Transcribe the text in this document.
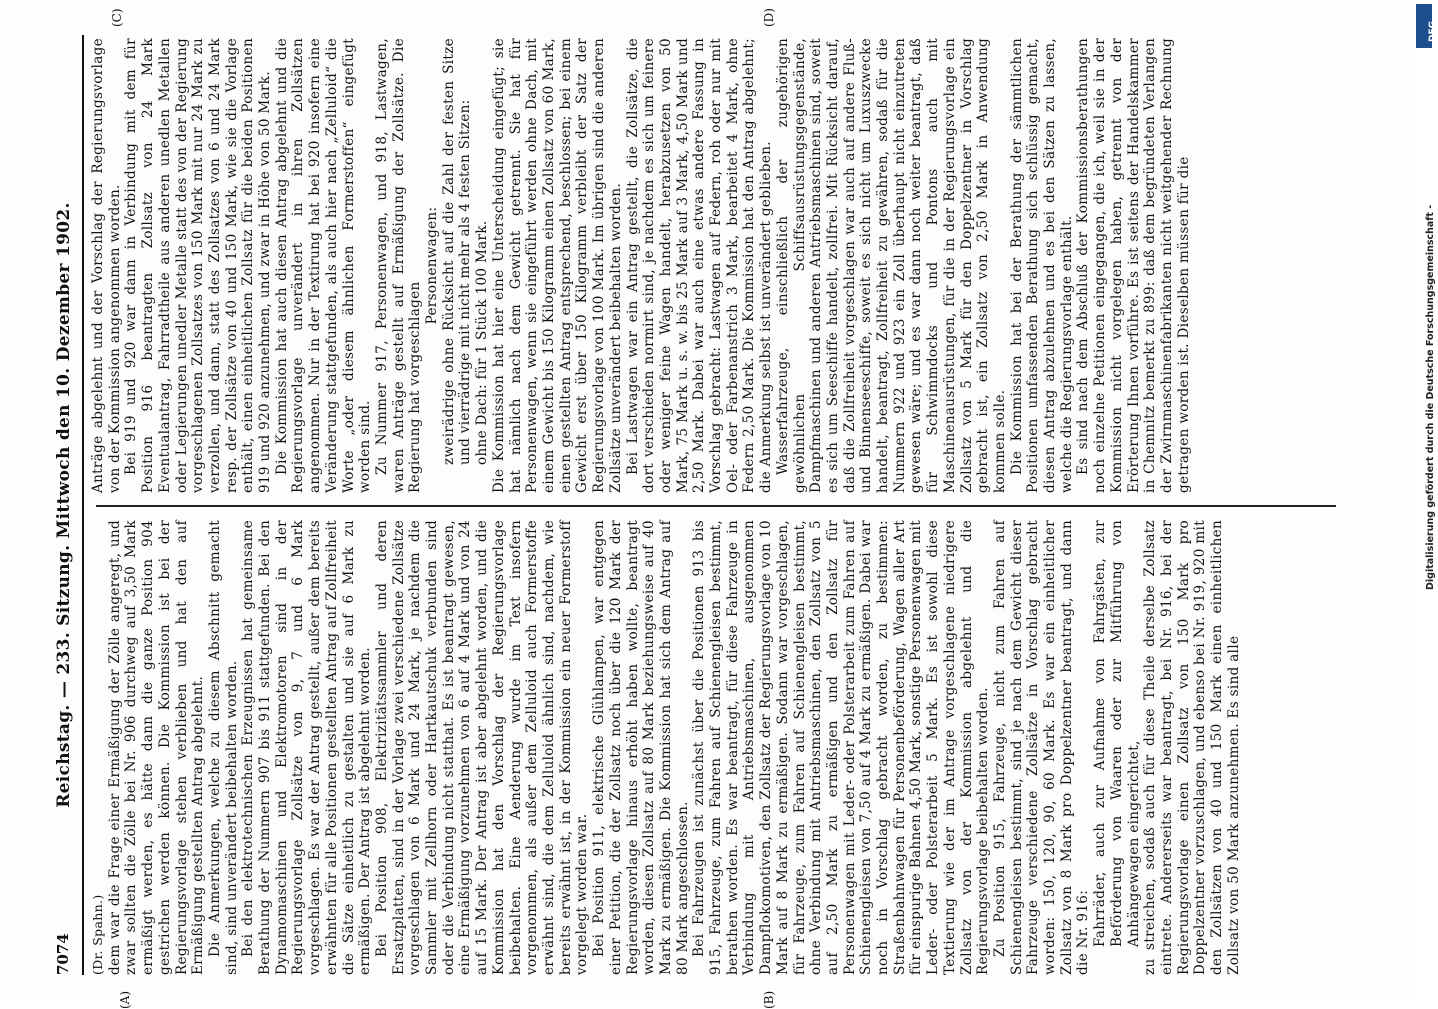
7074
Reichstag. — 233. Sitzung. Mittwoch den 10. Dezember 1902.
(A)	(B)
(C)	(D)

(Dr. Spahn.) dem war die Frage einer Ermäßigung der Zölle angeregt, und zwar sollten die Zölle bei Nr. 906 durchweg auf 3,50 Mark ermäßigt werden, es hätte dann die ganze Position 904 gestrichen werden können. Die Kommission ist bei der Regierungsvorlage stehen verblieben und hat den auf Ermäßigung gestellten Antrag abgelehnt. Die Anmerkungen, welche zu diesem Abschnitt gemacht sind, sind unverändert beibehalten worden. Bei den elektrotechnischen Erzeugnissen hat gemeinsame Berathung der Nummern 907 bis 911 stattgefunden. Bei den Dynamomaschinen und Elektromotoren sind in der Regierungsvorlage Zollsätze von 9, 7 und 6 Mark vorgeschlagen. Es war der Antrag gestellt, außer dem bereits erwähnten für alle Positionen gestellten Antrag auf Zollfreiheit die Sätze einheitlich zu gestalten und sie auf 6 Mark zu ermäßigen. Der Antrag ist abgelehnt worden. Bei Position 908, Elektrizitätssammler und deren Ersatzplatten, sind in der Vorlage zwei verschiedene Zollsätze vorgeschlagen von 6 Mark und 24 Mark, je nachdem die Sammler mit Zellhorn oder Hartkautschuk verbunden sind oder die Verbindung nicht statthat. Es ist beantragt gewesen, eine Ermäßigung vorzunehmen von 6 auf 4 Mark und von 24 auf 15 Mark. Der Antrag ist aber abgelehnt worden, und die Kommission hat den Vorschlag der Regierungsvorlage beibehalten. Eine Aenderung wurde im Text insofern vorgenommen, als außer dem Zelluloid auch Formerstoffe erwähnt sind, die dem Zelluloid ähnlich sind, nachdem, wie bereits erwähnt ist, in der Kommission ein neuer Formerstoff vorgelegt worden war. Bei Position 911, elektrische Glühlampen, war entgegen einer Petition, die der Zollsatz noch über die 120 Mark der Regierungsvorlage hinaus erhöht haben wollte, beantragt worden, diesen Zollsatz auf 80 Mark beziehungsweise auf 40 Mark zu ermäßigen. Die Kommission hat sich dem Antrag auf 80 Mark angeschlossen. Bei Fahrzeugen ist zunächst über die Positionen 913 bis 915, Fahrzeuge, zum Fahren auf Schienengleisen bestimmt, berathen worden. Es war beantragt, für diese Fahrzeuge in Verbindung mit Antriebsmaschinen, ausgenommen Dampflokomotiven, den Zollsatz der Regierungsvorlage von 10 Mark auf 8 Mark zu ermäßigen. Sodann war vorgeschlagen, für Fahrzeuge, zum Fahren auf Schienengleisen bestimmt, ohne Verbindung mit Antriebsmaschinen, den Zollsatz von 5 auf 2,50 Mark zu ermäßigen und den Zollsatz für Personenwagen mit Leder- oder Polsterarbeit zum Fahren auf Schienengleisen von 7,50 auf 4 Mark zu ermäßigen. Dabei war noch in Vorschlag gebracht worden, zu bestimmen: Straßenbahnwagen für Personenbeförderung, Wagen aller Art für einspurige Bahnen 4,50 Mark, sonstige Personenwagen mit Leder- oder Polsterarbeit 5 Mark. Es ist sowohl diese Textierung wie der im Antrage vorgeschlagene niedrigere Zollsatz von der Kommission abgelehnt und die Regierungsvorlage beibehalten worden. Zu Position 915, Fahrzeuge, nicht zum Fahren auf Schienengleisen bestimmt, sind je nach dem Gewicht dieser Fahrzeuge verschiedene Zollsätze in Vorschlag gebracht worden: 150, 120, 90, 60 Mark. Es war ein einheitlicher Zollsatz von 8 Mark pro Doppelzentner beantragt, und dann die Nr. 916: Fahrräder, auch zur Aufnahme von Fahrgästen, zur Beförderung von Waaren oder zur Mitführung von Anhängewagen eingerichtet, zu streichen, sodaß auch für diese Theile derselbe Zollsatz eintrete. Andererseits war beantragt, bei Nr. 916, bei der Regierungsvorlage einen Zollsatz von 150 Mark pro Doppelzentner vorzuschlagen, und ebenso bei Nr. 919, 920 mit den Zollsätzen von 40 und 150 Mark einen einheitlichen Zollsatz von 50 Mark anzunehmen. Es sind alle

Anträge abgelehnt und der Vorschlag der Regierungsvorlage von der Kommission angenommen worden. Bei 919 und 920 war dann in Verbindung mit dem für Position 916 beantragten Zollsatz von 24 Mark Eventualantrag, Fahrradtheile aus anderen unedlen Metallen oder Legierungen unedler Metalle statt des von der Regierung vorgeschlagenen Zollsatzes von 150 Mark mit nur 24 Mark zu verzollen, und dann, statt des Zollsatzes von 6 und 24 Mark resp. der Zollsätze von 40 und 150 Mark, wie sie die Vorlage enthält, einen einheitlichen Zollsatz für die beiden Positionen 919 und 920 anzunehmen, und zwar in Höhe von 50 Mark. Die Kommission hat auch diesen Antrag abgelehnt und die Regierungsvorlage unverändert in ihren Zollsätzen angenommen. Nur in der Textirung hat bei 920 insofern eine Veränderung stattgefunden, als auch hier nach „Zelluloid“ die Worte „oder diesem ähnlichen Formerstoffen“ eingefügt worden sind. Zu Nummer 917, Personenwagen, und 918, Lastwagen, waren Anträge gestellt auf Ermäßigung der Zollsätze. Die Regierung hat vorgeschlagen

Personenwagen: zweirädrige ohne Rücksicht auf die Zahl der festen Sitze und vierrädrige mit nicht mehr als 4 festen Sitzen: ohne Dach: für 1 Stück 100 Mark. Die Kommission hat hier eine Unterscheidung eingefügt; sie hat nämlich nach dem Gewicht getrennt. Sie hat für Personenwagen, wenn sie eingeführt werden ohne Dach, mit einem Gewicht bis 150 Kilogramm einen Zollsatz von 60 Mark, einen gestellten Antrag entsprechend, beschlossen; bei einem Gewicht erst über 150 Kilogramm verbleibt der Satz der Regierungsvorlage von 100 Mark. Im übrigen sind die anderen Zollsätze unverändert beibehalten worden. Bei Lastwagen war ein Antrag gestellt, die Zollsätze, die dort verschieden normirt sind, je nachdem es sich um feinere oder weniger feine Wagen handelt, herabzusetzen von 50 Mark, 75 Mark u. s. w. bis 25 Mark auf 3 Mark, 4,50 Mark und 2,50 Mark. Dabei war auch eine etwas andere Fassung in Vorschlag gebracht: Lastwagen auf Federn, roh oder nur mit Oel- oder Farbenanstrich 3 Mark, bearbeitet 4 Mark, ohne Federn 2,50 Mark. Die Kommission hat den Antrag abgelehnt; die Anmerkung selbst ist unverändert geblieben. Wasserfahrzeuge, einschließlich der zugehörigen gewöhnlichen Schiffsausrüstungsgegenstände, Dampfmaschinen und anderen Antriebsmaschinen sind, soweit es sich um Seeschiffe handelt, zollfrei. Mit Rücksicht darauf, daß die Zollfreiheit vorgeschlagen war auch auf andere Fluß- und Binnenseeschiffe, soweit es sich nicht um Luxuszwecke handelt, beantragt, Zollfreiheit zu gewähren, sodaß für die Nummern 922 und 923 ein Zoll überhaupt nicht einzutreten gewesen wäre; und es war dann noch weiter beantragt, daß für Schwimmdocks und Pontons auch mit Maschinenausrüstungen, für die in der Regierungsvorlage ein Zollsatz von 5 Mark für den Doppelzentner in Vorschlag gebracht ist, ein Zollsatz von 2,50 Mark in Anwendung kommen solle. Die Kommission hat bei der Berathung der sämmtlichen Positionen umfassenden Berathung sich schlüssig gemacht, diesen Antrag abzulehnen und es bei den Sätzen zu lassen, welche die Regierungsvorlage enthält. Es sind nach dem Abschluß der Kommissionsberathungen noch einzelne Petitionen eingegangen, die ich, weil sie in der Kommission nicht vorgelegen haben, getrennt von der Erörterung Ihnen vorführe. Es ist seitens der Handelskammer in Chemnitz bemerkt zu 899: daß dem begründeten Verlangen der Zwirnmaschinenfabrikanten nicht weitgehender Rechnung getragen worden ist. Dieselben müssen für die	Digitalisierung gefördert durch die Deutsche Forschungsgemeinschaft -
DFG
